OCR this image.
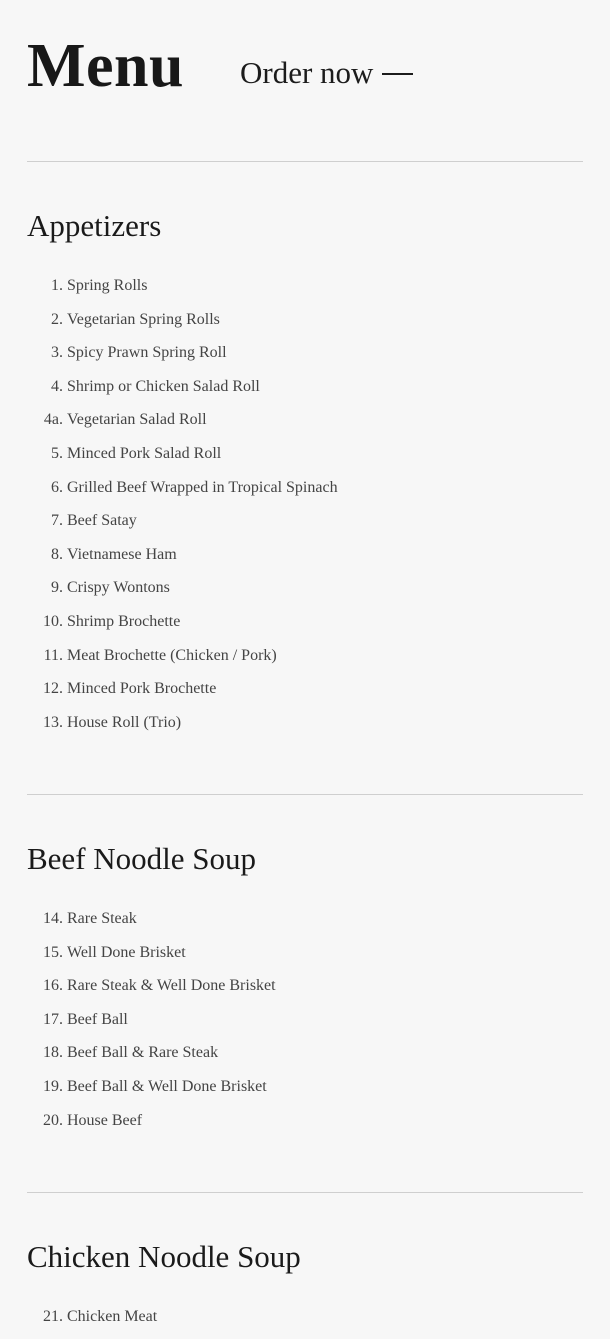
Menu Order now
Appetizers
1. Spring Rolls
2. Vegetarian Spring Rolls
3. Spicy Prawn Spring Roll
4. Shrimp or Chicken Salad Roll
4a. Vegetarian Salad Roll
5. Minced Pork Salad Roll
6. Grilled Beef Wrapped in Tropical Spinach
7. Beef Satay
8. Vietnamese Ham
9. Crispy Wontons
10. Shrimp Brochette
11. Meat Brochette (Chicken / Pork)
12. Minced Pork Brochette
13. House Roll (Trio)
Beef Noodle Soup
14. Rare Steak
15. Well Done Brisket
16. Rare Steak & Well Done Brisket
17. Beef Ball
18. Beef Ball & Rare Steak
19. Beef Ball & Well Done Brisket
20. House Beef
Chicken Noodle Soup
21. Chicken Meat
